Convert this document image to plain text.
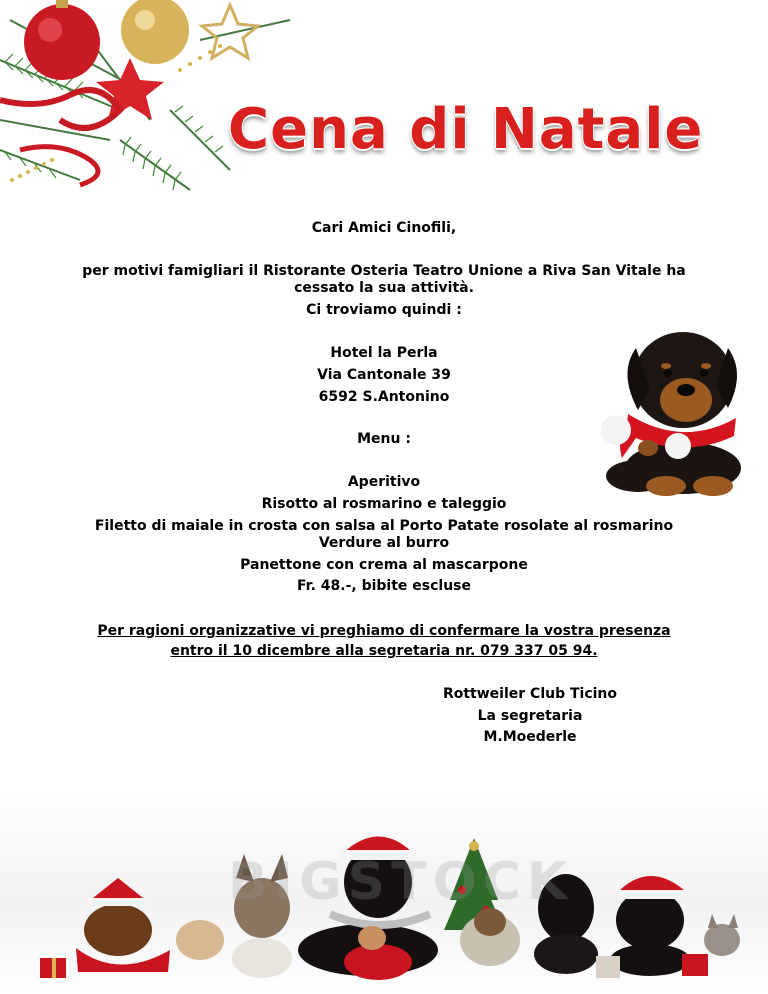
Cena di Natale
Cari Amici Cinofili,
per motivi famigliari il Ristorante Osteria Teatro Unione a Riva San Vitale ha
cessato la sua attività.
Ci troviamo quindi :
Hotel la Perla
Via Cantonale 39
6592 S.Antonino
Menu :
Aperitivo
Risotto al rosmarino e taleggio
Filetto di maiale in crosta con salsa al Porto Patate rosolate al rosmarino
Verdure al burro
Panettone con crema al mascarpone
Fr. 48.-, bibite escluse
Per ragioni organizzative vi preghiamo di confermare la vostra presenza
entro il 10 dicembre alla segretaria nr. 079 337 05 94.
Rottweiler Club Ticino
La segretaria
M.Moederle
BIGSTOCK
